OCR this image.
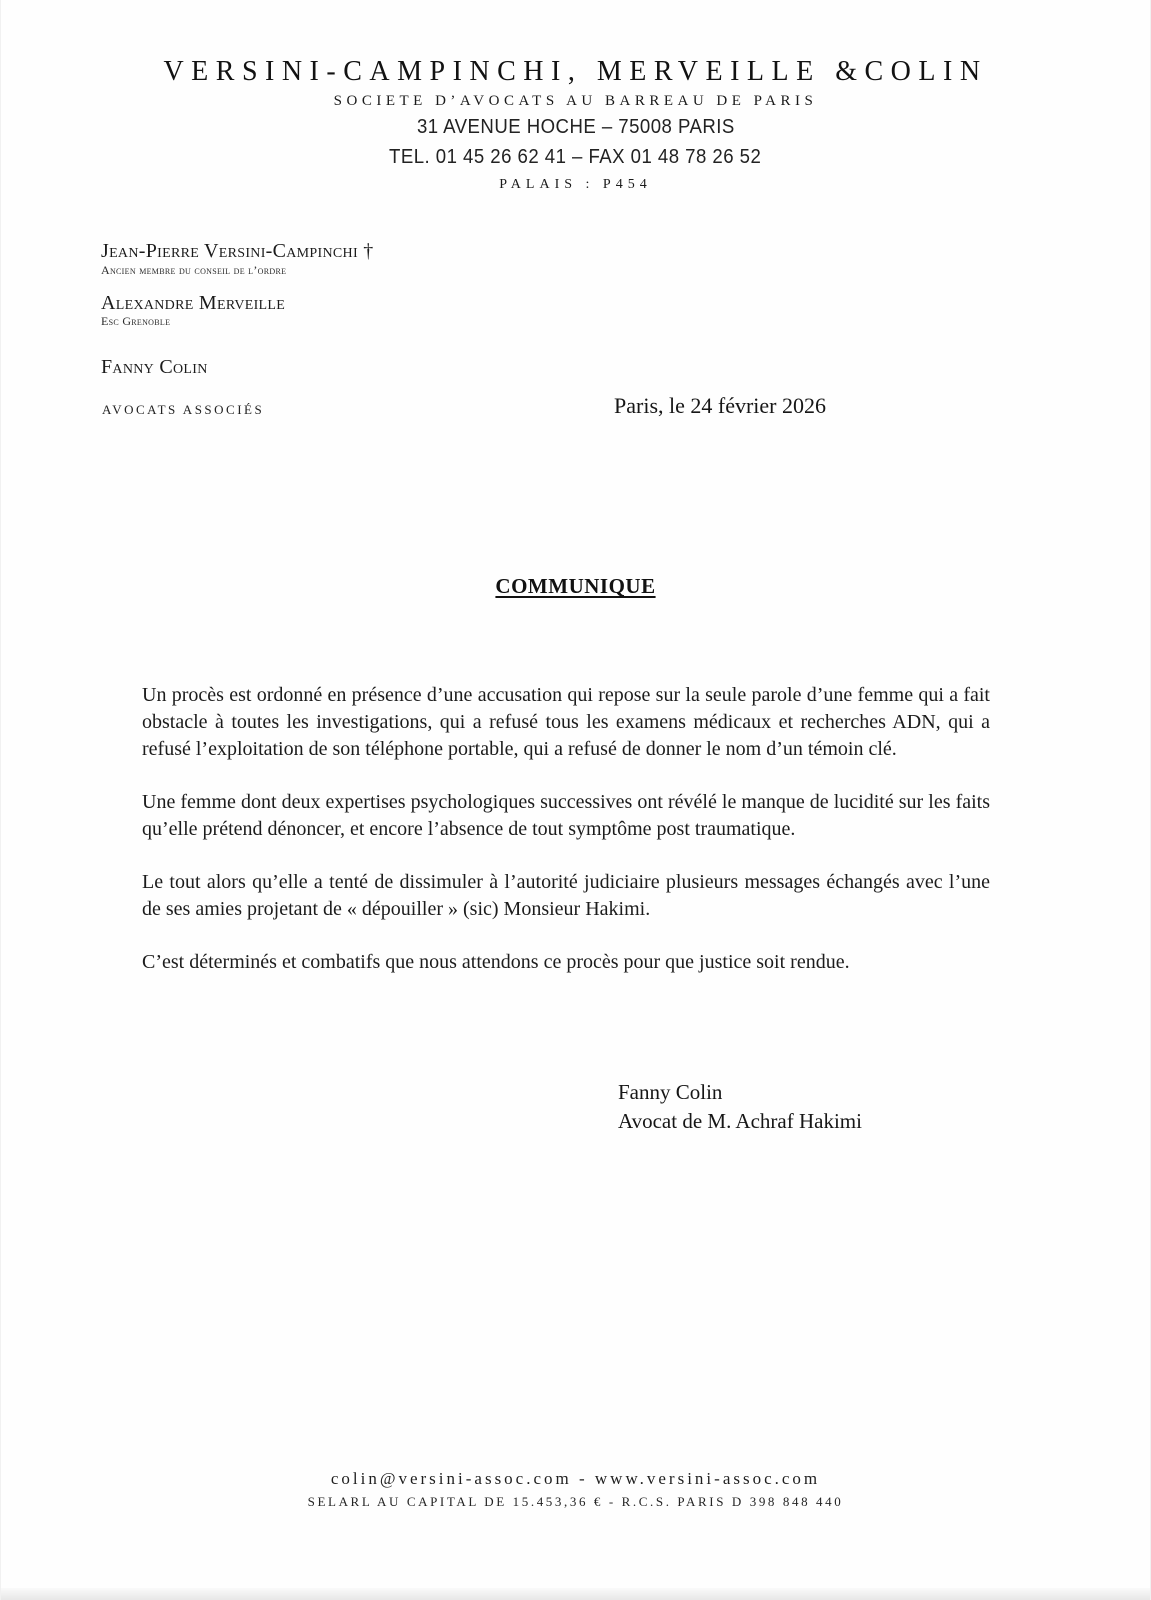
VERSINI-CAMPINCHI, MERVEILLE &COLIN
SOCIETE D’AVOCATS AU BARREAU DE PARIS
31 AVENUE HOCHE – 75008 PARIS
TEL. 01 45 26 62 41 – FAX 01 48 78 26 52
PALAIS : P454
Jean-Pierre Versini-Campinchi †
Ancien membre du conseil de l’ordre
Alexandre Merveille
Esc Grenoble
Fanny Colin
AVOCATS ASSOCIÉS	Paris, le 24 février 2026
COMMUNIQUE

Un procès est ordonné en présence d’une accusation qui repose sur la seule parole d’une femme qui a fait obstacle à toutes les investigations, qui a refusé tous les examens médicaux et recherches ADN, qui a refusé l’exploitation de son téléphone portable, qui a refusé de donner le nom d’un témoin clé.

Une femme dont deux expertises psychologiques successives ont révélé le manque de lucidité sur les faits qu’elle prétend dénoncer, et encore l’absence de tout symptôme post traumatique.

Le tout alors qu’elle a tenté de dissimuler à l’autorité judiciaire plusieurs messages échangés avec l’une de ses amies projetant de « dépouiller » (sic) Monsieur Hakimi.

C’est déterminés et combatifs que nous attendons ce procès pour que justice soit rendue.

Fanny Colin
Avocat de M. Achraf Hakimi
colin@versini-assoc.com - www.versini-assoc.com
SELARL AU CAPITAL DE 15.453,36 € - R.C.S. PARIS D 398 848 440
